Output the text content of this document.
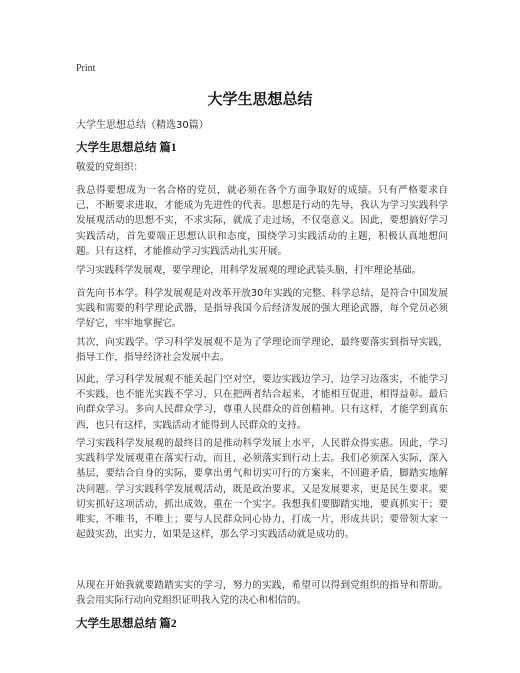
Print
大学生思想总结
大学生思想总结（精选30篇）
大学生思想总结 篇1
敬爱的党组织：
我总得要想成为一名合格的党员，就必须在各个方面争取好的成绩。只有严格要求自己，不断要求进取，才能成为先进性的代表。思想是行动的先导，我认为学习实践科学发展观活动的思想不实，不求实际，就成了走过场，不仅毫意义。因此，要想搞好学习实践活动，首先要端正思想认识和态度，围绕学习实践活动的主题，积极认真地想问题。只有这样，才能推动学习实践活动扎实开展。
学习实践科学发展观，要学理论，用科学发展观的理论武装头脑，打牢理论基础。
首先向书本学。科学发展观是对改革开放30年实践的完整、科学总结，是符合中国发展实践和需要的科学理论武器，是指导我国今后经济发展的强大理论武器，每个党员必须学好它，牢牢地掌握它。
其次，向实践学。学习科学发展观不是为了学理论而学理论，最终要落实到指导实践，指导工作，指导经济社会发展中去。
因此，学习科学发展观不能关起门空对空，要边实践边学习，边学习边落实，不能学习不实践，也不能光实践不学习，只在把两者结合起来，才能相互促进，相得益彰。最后向群众学习。多向人民群众学习，尊重人民群众的首创精神。只有这样，才能学到真东西，也只有这样，实践活动才能得到人民群众的支持。
学习实践科学发展观的最终目的是推动科学发展上水平，人民群众得实惠。因此，学习实践科学发展观重在落实行动，而且，必须落实到行动上去。我们必须深入实际，深入基层，要结合自身的实际，要拿出勇气和切实可行的方案来，不回避矛盾，脚踏实地解决问题。学习实践科学发展观活动，既是政治要求，又是发展要求，更是民生要求。要切实抓好这项活动，抓出成效，重在一个实字。我想我们要脚踏实地，要真抓实干；要唯实，不唯书，不唯上；要与人民群众同心协力，打成一片，形成共识；要带领大家一起鼓实劲，出实力，如果是这样，那么学习实践活动就是成功的。
从现在开始我就要踏踏实实的学习，努力的实践，希望可以得到党组织的指导和帮助。我会用实际行动向党组织证明我入党的决心和相信的。
大学生思想总结 篇2
